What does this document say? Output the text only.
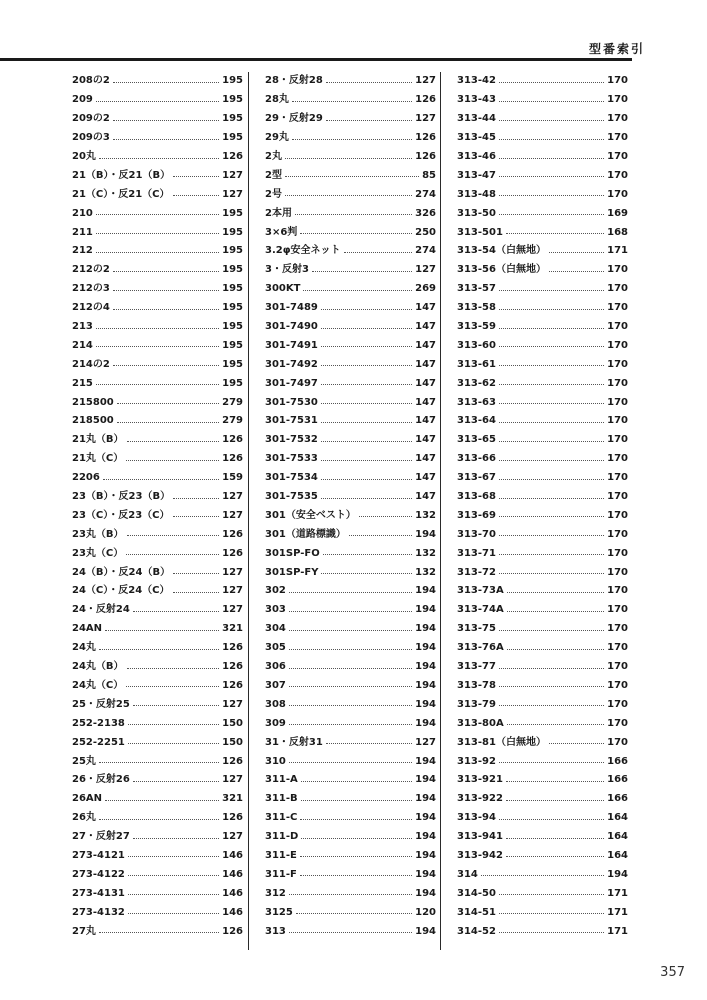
型番索引
208の2	195
209	195
209の2	195
209の3	195
20丸	126
21（B）・反21（B）	127
21（C）・反21（C）	127
210	195
211	195
212	195
212の2	195
212の3	195
212の4	195
213	195
214	195
214の2	195
215	195
215800	279
218500	279
21丸（B）	126
21丸（C）	126
2206	159
23（B）・反23（B）	127
23（C）・反23（C）	127
23丸（B）	126
23丸（C）	126
24（B）・反24（B）	127
24（C）・反24（C）	127
24・反射24	127
24AN	321
24丸	126
24丸（B）	126
24丸（C）	126
25・反射25	127
252-2138	150
252-2251	150
25丸	126
26・反射26	127
26AN	321
26丸	126
27・反射27	127
273-4121	146
273-4122	146
273-4131	146
273-4132	146
27丸	126
28・反射28	127
28丸	126
29・反射29	127
29丸	126
2丸	126
2型	85
2号	274
2本用	326
3×6判	250
3.2φ安全ネット	274
3・反射3	127
300KT	269
301-7489	147
301-7490	147
301-7491	147
301-7492	147
301-7497	147
301-7530	147
301-7531	147
301-7532	147
301-7533	147
301-7534	147
301-7535	147
301（安全ベスト）	132
301（道路標識）	194
301SP-FO	132
301SP-FY	132
302	194
303	194
304	194
305	194
306	194
307	194
308	194
309	194
31・反射31	127
310	194
311-A	194
311-B	194
311-C	194
311-D	194
311-E	194
311-F	194
312	194
3125	120
313	194
313-42	170
313-43	170
313-44	170
313-45	170
313-46	170
313-47	170
313-48	170
313-50	169
313-501	168
313-54（白無地）	171
313-56（白無地）	170
313-57	170
313-58	170
313-59	170
313-60	170
313-61	170
313-62	170
313-63	170
313-64	170
313-65	170
313-66	170
313-67	170
313-68	170
313-69	170
313-70	170
313-71	170
313-72	170
313-73A	170
313-74A	170
313-75	170
313-76A	170
313-77	170
313-78	170
313-79	170
313-80A	170
313-81（白無地）	170
313-92	166
313-921	166
313-922	166
313-94	164
313-941	164
313-942	164
314	194
314-50	171
314-51	171
314-52	171
357
